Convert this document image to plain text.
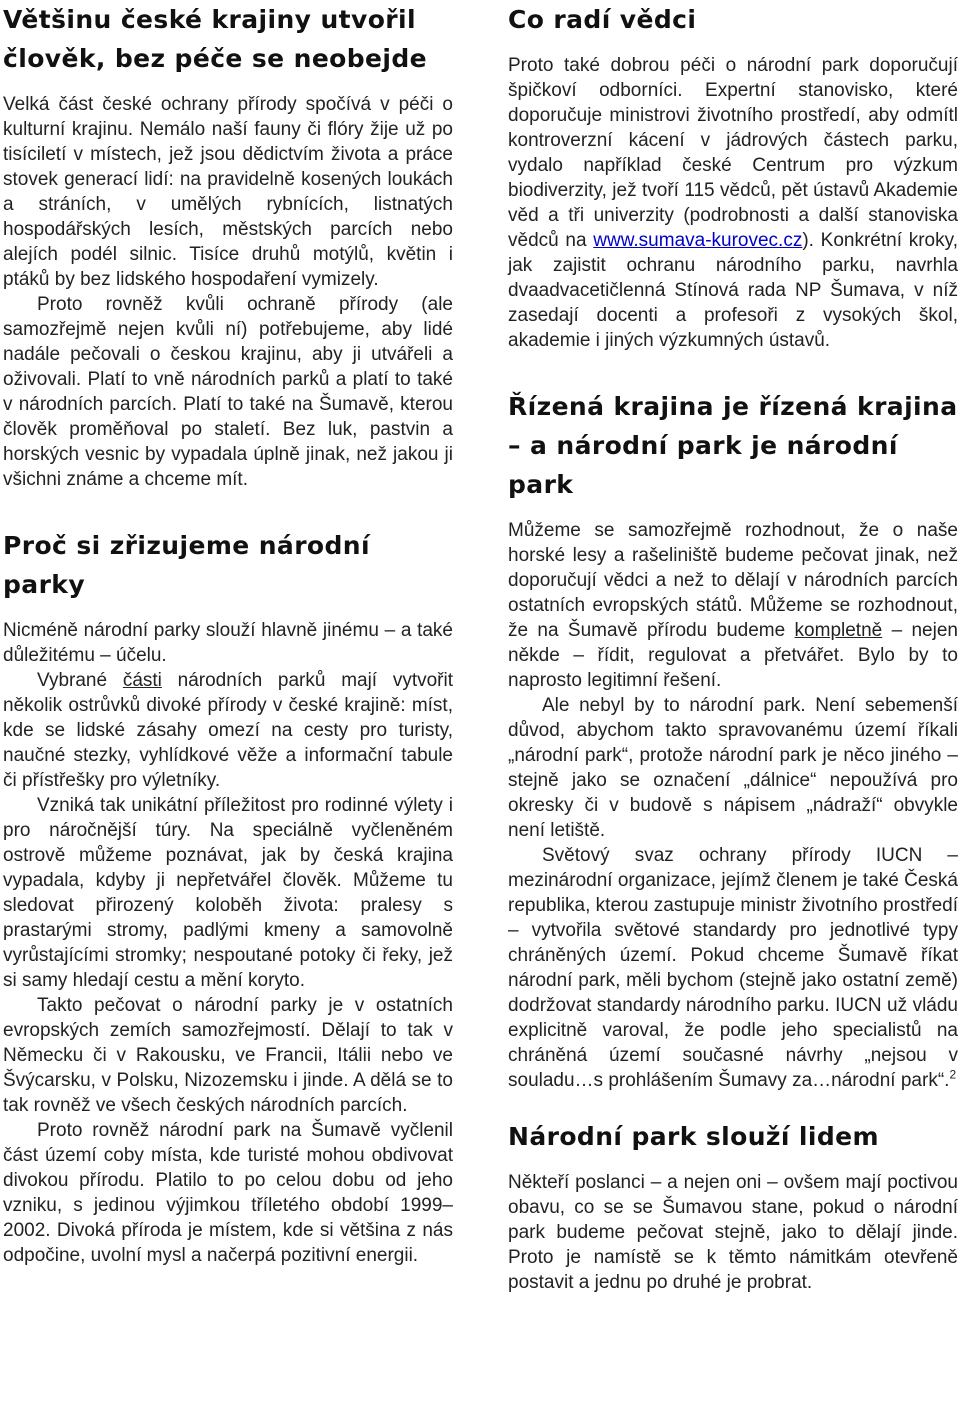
Většinu české krajiny utvořil člověk, bez péče se neobejde

Velká část české ochrany přírody spočívá v péči o kulturní krajinu. Nemálo naší fauny či flóry žije už po tisíciletí v místech, jež jsou dědictvím života a práce stovek generací lidí: na pravidelně kosených loukách a stráních, v umělých rybnících, listnatých hospodářských lesích, městských parcích nebo alejích podél silnic. Tisíce druhů motýlů, květin i ptáků by bez lidského hospodaření vymizely.

Proto rovněž kvůli ochraně přírody (ale samozřejmě nejen kvůli ní) potřebujeme, aby lidé nadále pečovali o českou krajinu, aby ji utvářeli a oživovali. Platí to vně národních parků a platí to také v národních parcích. Platí to také na Šumavě, kterou člověk proměňoval po staletí. Bez luk, pastvin a horských vesnic by vypadala úplně jinak, než jakou ji všichni známe a chceme mít.

Proč si zřizujeme národní parky

Nicméně národní parky slouží hlavně jinému – a také důležitému – účelu.

Vybrané části národních parků mají vytvořit několik ostrůvků divoké přírody v české krajině: míst, kde se lidské zásahy omezí na cesty pro turisty, naučné stezky, vyhlídkové věže a informační tabule či přístřešky pro výletníky.

Vzniká tak unikátní příležitost pro rodinné výlety i pro náročnější túry. Na speciálně vyčleněném ostrově můžeme poznávat, jak by česká krajina vypadala, kdyby ji nepřetvářel člověk. Můžeme tu sledovat přirozený koloběh života: pralesy s prastarými stromy, padlými kmeny a samovolně vyrůstajícími stromky; nespoutané potoky či řeky, jež si samy hledají cestu a mění koryto.

Takto pečovat o národní parky je v ostatních evropských zemích samozřejmostí. Dělají to tak v Německu či v Rakousku, ve Francii, Itálii nebo ve Švýcarsku, v Polsku, Nizozemsku i jinde. A dělá se to tak rovněž ve všech českých národních parcích.

Proto rovněž národní park na Šumavě vyčlenil část území coby místa, kde turisté mohou obdivovat divokou přírodu. Platilo to po celou dobu od jeho vzniku, s jedinou výjimkou tříletého období 1999–2002. Divoká příroda je místem, kde si většina z nás odpočine, uvolní mysl a načerpá pozitivní energii.

Co radí vědci

Proto také dobrou péči o národní park doporučují špičkoví odborníci. Expertní stanovisko, které doporučuje ministrovi životního prostředí, aby odmítl kontroverzní kácení v jádrových částech parku, vydalo například české Centrum pro výzkum biodiverzity, jež tvoří 115 vědců, pět ústavů Akademie věd a tři univerzity (podrobnosti a další stanoviska vědců na www.sumava-kurovec.cz). Konkrétní kroky, jak zajistit ochranu národního parku, navrhla dvaadvacetičlenná Stínová rada NP Šumava, v níž zasedají docenti a profesoři z vysokých škol, akademie i jiných výzkumných ústavů.

Řízená krajina je řízená krajina – a národní park je národní park

Můžeme se samozřejmě rozhodnout, že o naše horské lesy a rašeliniště budeme pečovat jinak, než doporučují vědci a než to dělají v národních parcích ostatních evropských států. Můžeme se rozhodnout, že na Šumavě přírodu budeme kompletně – nejen někde – řídit, regulovat a přetvářet. Bylo by to naprosto legitimní řešení.

Ale nebyl by to národní park. Není sebemenší důvod, abychom takto spravovanému území říkali „národní park“, protože národní park je něco jiného – stejně jako se označení „dálnice“ nepoužívá pro okresky či v budově s nápisem „nádraží“ obvykle není letiště.

Světový svaz ochrany přírody IUCN – mezinárodní organizace, jejímž členem je také Česká republika, kterou zastupuje ministr životního prostředí – vytvořila světové standardy pro jednotlivé typy chráněných území. Pokud chceme Šumavě říkat národní park, měli bychom (stejně jako ostatní země) dodržovat standardy národního parku. IUCN už vládu explicitně varoval, že podle jeho specialistů na chráněná území současné návrhy „nejsou v souladu…s prohlášením Šumavy za…národní park“.$^2$

Národní park slouží lidem

Někteří poslanci – a nejen oni – ovšem mají poctivou obavu, co se se Šumavou stane, pokud o národní park budeme pečovat stejně, jako to dělají jinde. Proto je namístě se k těmto námitkám otevřeně postavit a jednu po druhé je probrat.
